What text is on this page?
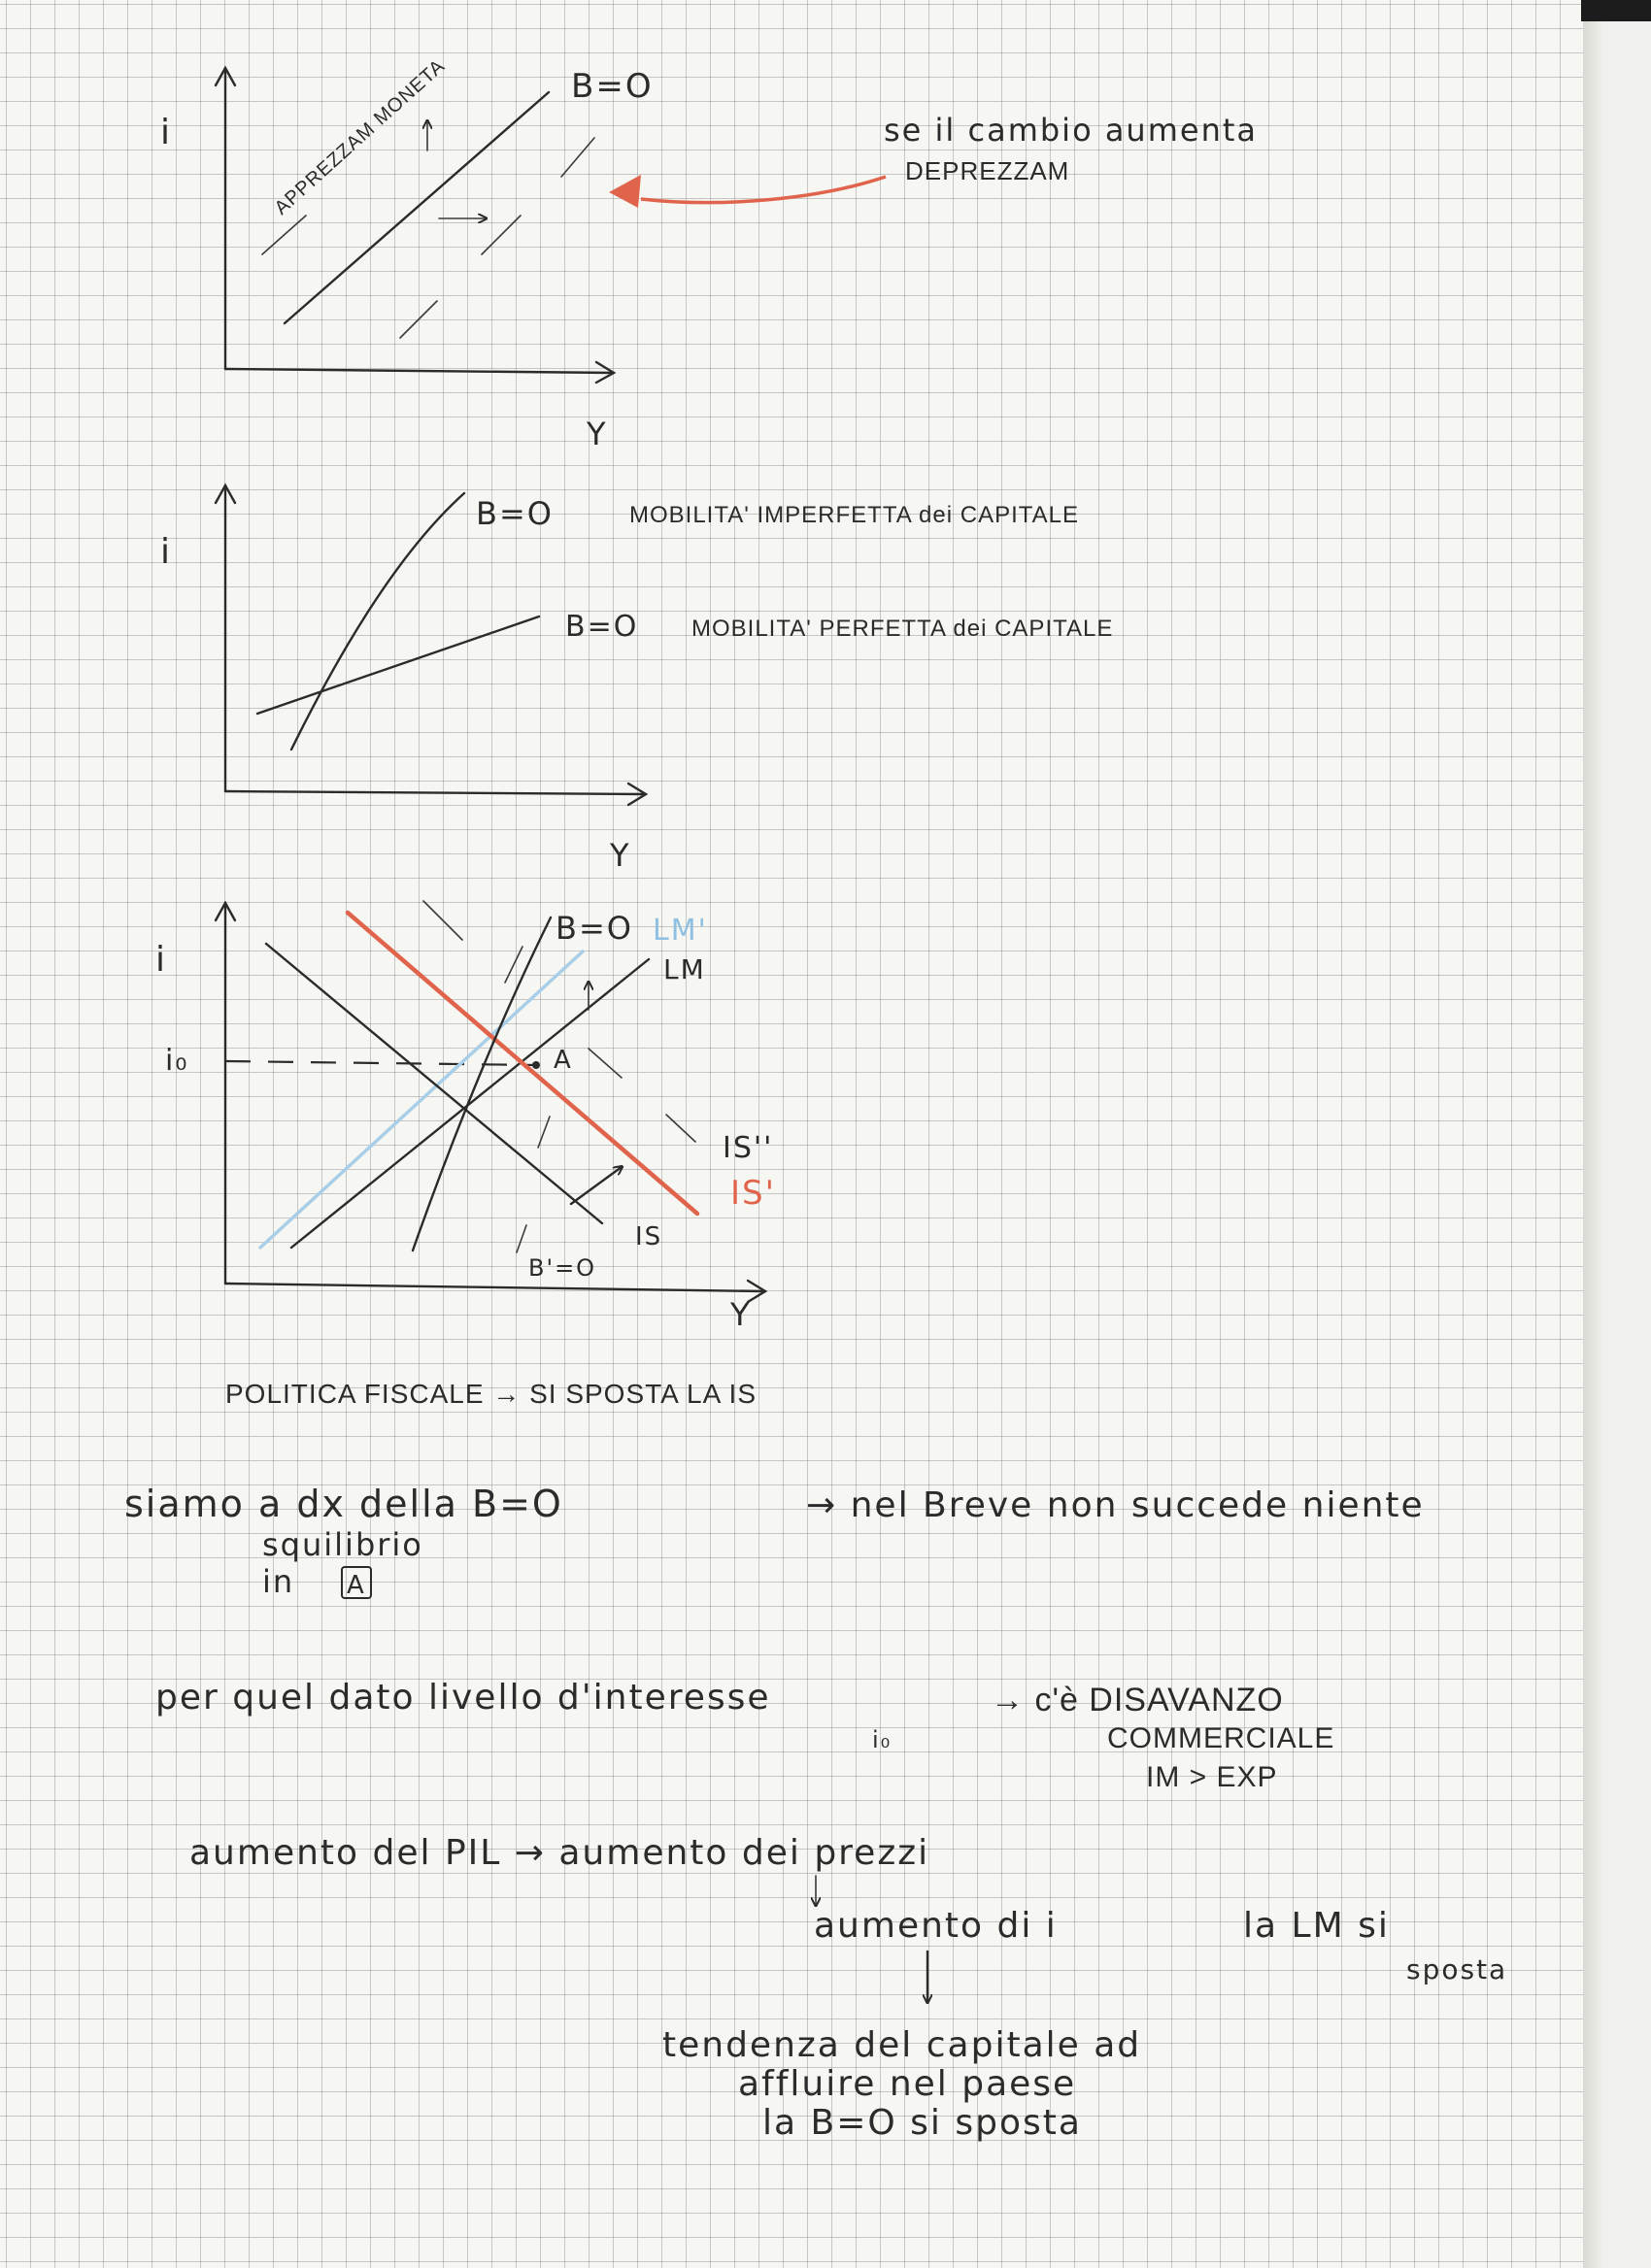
i
Y
APPREZZAM MONETA	B=O
se il cambio aumenta
DEPREZZAM
i
Y
B=O	MOBILITA' IMPERFETTA dei CAPITALE
B=O MOBILITA' PERFETTA dei CAPITALE
i
Y
i₀	A
B=O LM'
LM
IS''
IS'
IS
B'=O
POLITICA FISCALE → SI SPOSTA LA IS
siamo a dx della B=O	→ nel Breve non succede niente
squilibrio
in A
per quel dato livello d'interesse	→ c'è DISAVANZO
i₀	COMMERCIALE
IM > EXP
aumento del PIL → aumento dei prezzi
aumento di i	la LM si
sposta
tendenza del capitale ad
affluire nel paese
la B=O si sposta
